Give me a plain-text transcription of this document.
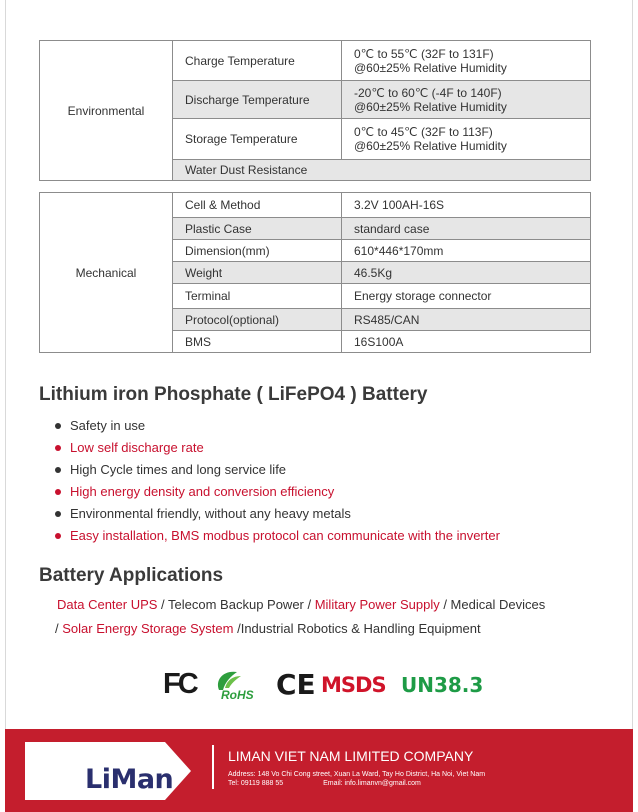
Environmental	Charge Temperature	0℃ to 55℃ (32F to 131F)
@60±25% Relative Humidity

	Discharge Temperature	-20℃ to 60℃ (-4F to 140F)
@60±25% Relative Humidity

	Storage Temperature	0℃ to 45℃ (32F to 113F)
@60±25% Relative Humidity

	Water Dust Resistance	
Mechanical	Cell & Method	3.2V 100AH-16S
	Plastic Case	standard case
	Dimension(mm)	610*446*170mm
	Weight	46.5Kg
	Terminal	Energy storage connector
	Protocol(optional)	RS485/CAN
	BMS	16S100A
Lithium iron Phosphate ( LiFePO4 ) Battery
Safety in use
Low self discharge rate
High Cycle times and long service life
High energy density and conversion efficiency
Environmental friendly, without any heavy metals
Easy installation, BMS modbus protocol can communicate with the inverter
Battery Applications
Data Center UPS / Telecom Backup Power / Military Power Supply / Medical Devices
/ Solar Energy Storage System /Industrial Robotics & Handling Equipment
FC RoHS CE MSDS UN38.3
LiMan
LIMAN VIET NAM LIMITED COMPANY
Address: 148 Vo Chi Cong street, Xuan La Ward, Tay Ho District, Ha Noi, Viet Nam
Tel: 09119 888 55	Email: info.limanvn@gmail.com
